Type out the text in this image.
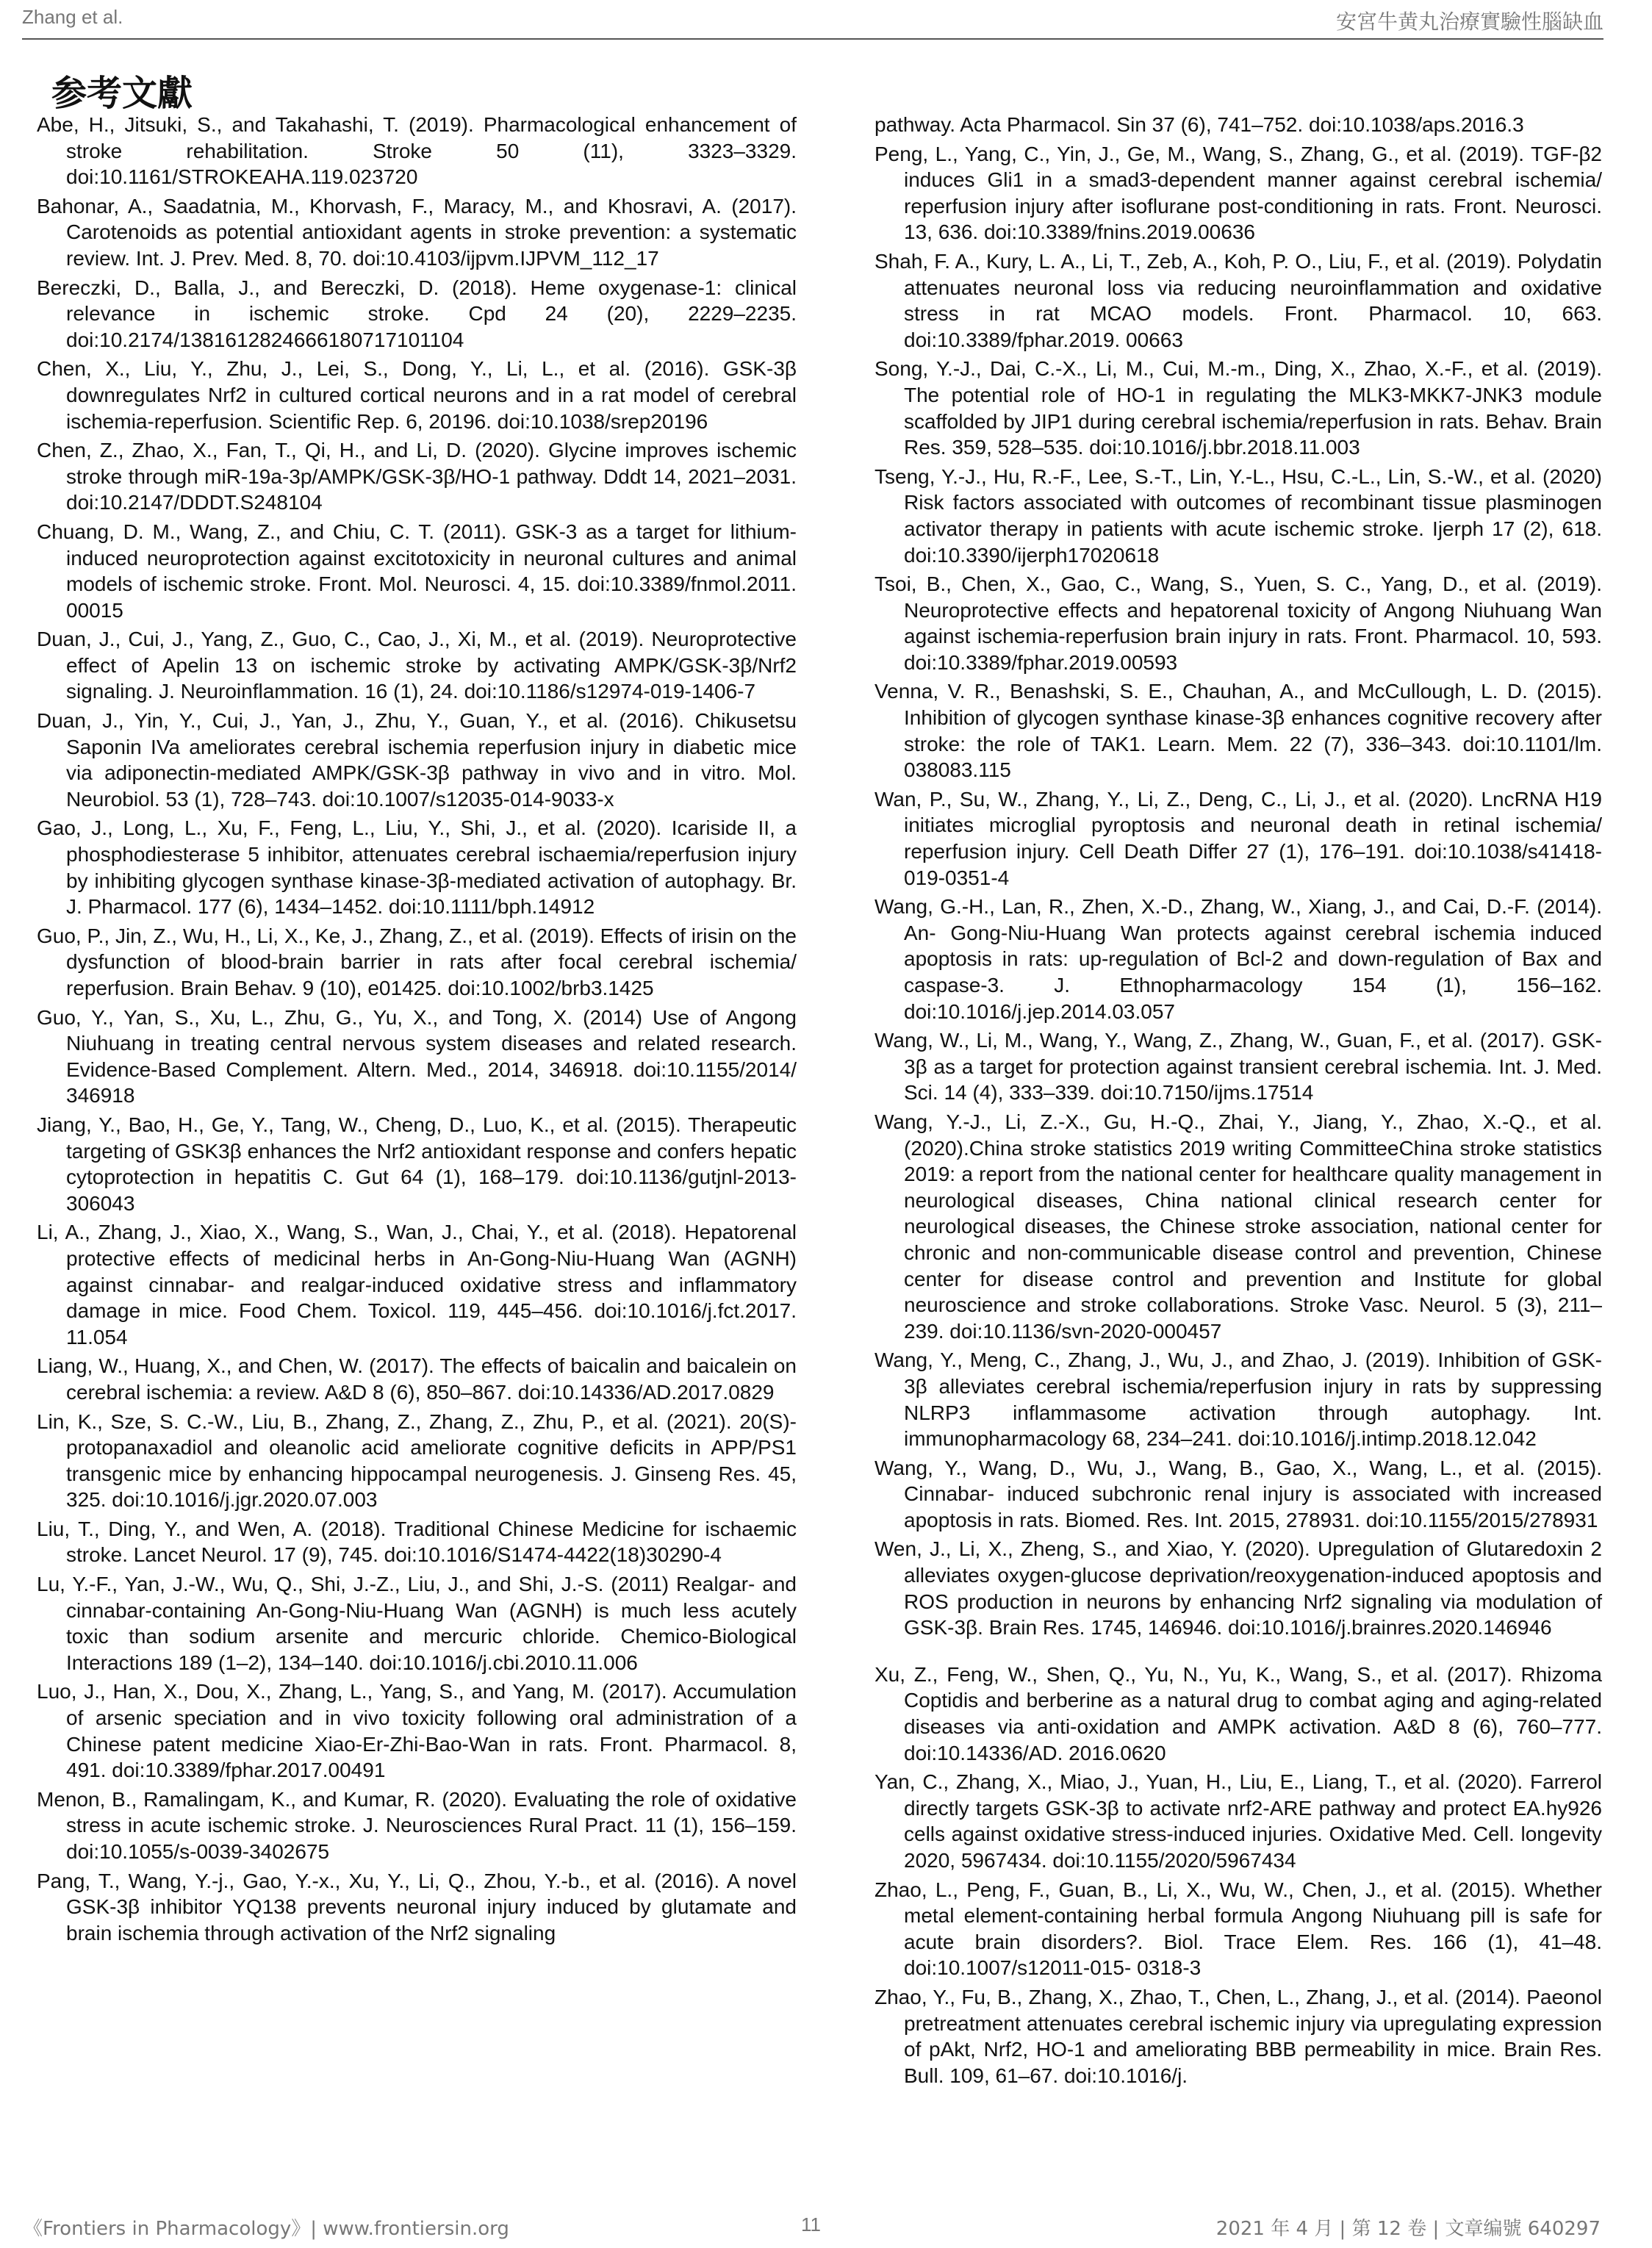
Zhang et al.	安宮牛黄丸治療實驗性腦缺血
参考文獻

Abe, H., Jitsuki, S., and Takahashi, T. (2019). Pharmacological enhancement of stroke rehabilitation. Stroke 50 (11), 3323–3329. doi:10.1161/STROKEAHA.119.023720

Bahonar, A., Saadatnia, M., Khorvash, F., Maracy, M., and Khosravi, A. (2017). Carotenoids as potential antioxidant agents in stroke prevention: a systematic review. Int. J. Prev. Med. 8, 70. doi:10.4103/ijpvm.IJPVM_112_17

Bereczki, D., Balla, J., and Bereczki, D. (2018). Heme oxygenase-1: clinical relevance in ischemic stroke. Cpd 24 (20), 2229–2235. doi:10.2174/1381612824666180717101104

Chen, X., Liu, Y., Zhu, J., Lei, S., Dong, Y., Li, L., et al. (2016). GSK-3β downregulates Nrf2 in cultured cortical neurons and in a rat model of cerebral ischemia-reperfusion. Scientific Rep. 6, 20196. doi:10.1038/srep20196

Chen, Z., Zhao, X., Fan, T., Qi, H., and Li, D. (2020). Glycine improves ischemic stroke through miR-19a-3p/AMPK/GSK-3β/HO-1 pathway. Dddt 14, 2021–2031. doi:10.2147/DDDT.S248104

Chuang, D. M., Wang, Z., and Chiu, C. T. (2011). GSK-3 as a target for lithium- induced neuroprotection against excitotoxicity in neuronal cultures and animal models of ischemic stroke. Front. Mol. Neurosci. 4, 15. doi:10.3389/fnmol.2011. 00015

Duan, J., Cui, J., Yang, Z., Guo, C., Cao, J., Xi, M., et al. (2019). Neuroprotective effect of Apelin 13 on ischemic stroke by activating AMPK/GSK-3β/Nrf2 signaling. J. Neuroinflammation. 16 (1), 24. doi:10.1186/s12974-019-1406-7

Duan, J., Yin, Y., Cui, J., Yan, J., Zhu, Y., Guan, Y., et al. (2016). Chikusetsu Saponin IVa ameliorates cerebral ischemia reperfusion injury in diabetic mice via adiponectin-mediated AMPK/GSK-3β pathway in vivo and in vitro. Mol. Neurobiol. 53 (1), 728–743. doi:10.1007/s12035-014-9033-x

Gao, J., Long, L., Xu, F., Feng, L., Liu, Y., Shi, J., et al. (2020). Icariside II, a phosphodiesterase 5 inhibitor, attenuates cerebral ischaemia/reperfusion injury by inhibiting glycogen synthase kinase-3β-mediated activation of autophagy. Br. J. Pharmacol. 177 (6), 1434–1452. doi:10.1111/bph.14912

Guo, P., Jin, Z., Wu, H., Li, X., Ke, J., Zhang, Z., et al. (2019). Effects of irisin on the dysfunction of blood-brain barrier in rats after focal cerebral ischemia/ reperfusion. Brain Behav. 9 (10), e01425. doi:10.1002/brb3.1425

Guo, Y., Yan, S., Xu, L., Zhu, G., Yu, X., and Tong, X. (2014) Use of Angong Niuhuang in treating central nervous system diseases and related research. Evidence-Based Complement. Altern. Med., 2014, 346918. doi:10.1155/2014/ 346918

Jiang, Y., Bao, H., Ge, Y., Tang, W., Cheng, D., Luo, K., et al. (2015). Therapeutic targeting of GSK3β enhances the Nrf2 antioxidant response and confers hepatic cytoprotection in hepatitis C. Gut 64 (1), 168–179. doi:10.1136/gutjnl-2013-306043

Li, A., Zhang, J., Xiao, X., Wang, S., Wan, J., Chai, Y., et al. (2018). Hepatorenal protective effects of medicinal herbs in An-Gong-Niu-Huang Wan (AGNH) against cinnabar- and realgar-induced oxidative stress and inflammatory damage in mice. Food Chem. Toxicol. 119, 445–456. doi:10.1016/j.fct.2017. 11.054

Liang, W., Huang, X., and Chen, W. (2017). The effects of baicalin and baicalein on cerebral ischemia: a review. A&D 8 (6), 850–867. doi:10.14336/AD.2017.0829

Lin, K., Sze, S. C.-W., Liu, B., Zhang, Z., Zhang, Z., Zhu, P., et al. (2021). 20(S)- protopanaxadiol and oleanolic acid ameliorate cognitive deficits in APP/PS1 transgenic mice by enhancing hippocampal neurogenesis. J. Ginseng Res. 45, 325. doi:10.1016/j.jgr.2020.07.003

Liu, T., Ding, Y., and Wen, A. (2018). Traditional Chinese Medicine for ischaemic stroke. Lancet Neurol. 17 (9), 745. doi:10.1016/S1474-4422(18)30290-4

Lu, Y.-F., Yan, J.-W., Wu, Q., Shi, J.-Z., Liu, J., and Shi, J.-S. (2011) Realgar- and cinnabar-containing An-Gong-Niu-Huang Wan (AGNH) is much less acutely toxic than sodium arsenite and mercuric chloride. Chemico-Biological Interactions 189 (1–2), 134–140. doi:10.1016/j.cbi.2010.11.006

Luo, J., Han, X., Dou, X., Zhang, L., Yang, S., and Yang, M. (2017). Accumulation of arsenic speciation and in vivo toxicity following oral administration of a Chinese patent medicine Xiao-Er-Zhi-Bao-Wan in rats. Front. Pharmacol. 8, 491. doi:10.3389/fphar.2017.00491

Menon, B., Ramalingam, K., and Kumar, R. (2020). Evaluating the role of oxidative stress in acute ischemic stroke. J. Neurosciences Rural Pract. 11 (1), 156–159. doi:10.1055/s-0039-3402675

Pang, T., Wang, Y.-j., Gao, Y.-x., Xu, Y., Li, Q., Zhou, Y.-b., et al. (2016). A novel GSK-3β inhibitor YQ138 prevents neuronal injury induced by glutamate and brain ischemia through activation of the Nrf2 signaling

pathway. Acta Pharmacol. Sin 37 (6), 741–752. doi:10.1038/aps.2016.3

Peng, L., Yang, C., Yin, J., Ge, M., Wang, S., Zhang, G., et al. (2019). TGF-β2 induces Gli1 in a smad3-dependent manner against cerebral ischemia/ reperfusion injury after isoflurane post-conditioning in rats. Front. Neurosci. 13, 636. doi:10.3389/fnins.2019.00636

Shah, F. A., Kury, L. A., Li, T., Zeb, A., Koh, P. O., Liu, F., et al. (2019). Polydatin attenuates neuronal loss via reducing neuroinflammation and oxidative stress in rat MCAO models. Front. Pharmacol. 10, 663. doi:10.3389/fphar.2019. 00663

Song, Y.-J., Dai, C.-X., Li, M., Cui, M.-m., Ding, X., Zhao, X.-F., et al. (2019). The potential role of HO-1 in regulating the MLK3-MKK7-JNK3 module scaffolded by JIP1 during cerebral ischemia/reperfusion in rats. Behav. Brain Res. 359, 528–535. doi:10.1016/j.bbr.2018.11.003

Tseng, Y.-J., Hu, R.-F., Lee, S.-T., Lin, Y.-L., Hsu, C.-L., Lin, S.-W., et al. (2020) Risk factors associated with outcomes of recombinant tissue plasminogen activator therapy in patients with acute ischemic stroke. Ijerph 17 (2), 618. doi:10.3390/ijerph17020618

Tsoi, B., Chen, X., Gao, C., Wang, S., Yuen, S. C., Yang, D., et al. (2019). Neuroprotective effects and hepatorenal toxicity of Angong Niuhuang Wan against ischemia-reperfusion brain injury in rats. Front. Pharmacol. 10, 593. doi:10.3389/fphar.2019.00593

Venna, V. R., Benashski, S. E., Chauhan, A., and McCullough, L. D. (2015). Inhibition of glycogen synthase kinase-3β enhances cognitive recovery after stroke: the role of TAK1. Learn. Mem. 22 (7), 336–343. doi:10.1101/lm. 038083.115

Wan, P., Su, W., Zhang, Y., Li, Z., Deng, C., Li, J., et al. (2020). LncRNA H19 initiates microglial pyroptosis and neuronal death in retinal ischemia/ reperfusion injury. Cell Death Differ 27 (1), 176–191. doi:10.1038/s41418-019-0351-4

Wang, G.-H., Lan, R., Zhen, X.-D., Zhang, W., Xiang, J., and Cai, D.-F. (2014). An- Gong-Niu-Huang Wan protects against cerebral ischemia induced apoptosis in rats: up-regulation of Bcl-2 and down-regulation of Bax and caspase-3. J. Ethnopharmacology 154 (1), 156–162. doi:10.1016/j.jep.2014.03.057

Wang, W., Li, M., Wang, Y., Wang, Z., Zhang, W., Guan, F., et al. (2017). GSK-3β as a target for protection against transient cerebral ischemia. Int. J. Med. Sci. 14 (4), 333–339. doi:10.7150/ijms.17514

Wang, Y.-J., Li, Z.-X., Gu, H.-Q., Zhai, Y., Jiang, Y., Zhao, X.-Q., et al. (2020).China stroke statistics 2019 writing CommitteeChina stroke statistics 2019: a report from the national center for healthcare quality management in neurological diseases, China national clinical research center for neurological diseases, the Chinese stroke association, national center for chronic and non-communicable disease control and prevention, Chinese center for disease control and prevention and Institute for global neuroscience and stroke collaborations. Stroke Vasc. Neurol. 5 (3), 211–239. doi:10.1136/svn-2020-000457

Wang, Y., Meng, C., Zhang, J., Wu, J., and Zhao, J. (2019). Inhibition of GSK-3β alleviates cerebral ischemia/reperfusion injury in rats by suppressing NLRP3 inflammasome activation through autophagy. Int. immunopharmacology 68, 234–241. doi:10.1016/j.intimp.2018.12.042

Wang, Y., Wang, D., Wu, J., Wang, B., Gao, X., Wang, L., et al. (2015). Cinnabar- induced subchronic renal injury is associated with increased apoptosis in rats. Biomed. Res. Int. 2015, 278931. doi:10.1155/2015/278931

Wen, J., Li, X., Zheng, S., and Xiao, Y. (2020). Upregulation of Glutaredoxin 2 alleviates oxygen-glucose deprivation/reoxygenation-induced apoptosis and ROS production in neurons by enhancing Nrf2 signaling via modulation of GSK-3β. Brain Res. 1745, 146946. doi:10.1016/j.brainres.2020.146946

Xu, Z., Feng, W., Shen, Q., Yu, N., Yu, K., Wang, S., et al. (2017). Rhizoma Coptidis and berberine as a natural drug to combat aging and aging-related diseases via anti-oxidation and AMPK activation. A&D 8 (6), 760–777. doi:10.14336/AD. 2016.0620

Yan, C., Zhang, X., Miao, J., Yuan, H., Liu, E., Liang, T., et al. (2020). Farrerol directly targets GSK-3β to activate nrf2-ARE pathway and protect EA.hy926 cells against oxidative stress-induced injuries. Oxidative Med. Cell. longevity 2020, 5967434. doi:10.1155/2020/5967434

Zhao, L., Peng, F., Guan, B., Li, X., Wu, W., Chen, J., et al. (2015). Whether metal element-containing herbal formula Angong Niuhuang pill is safe for acute brain disorders?. Biol. Trace Elem. Res. 166 (1), 41–48. doi:10.1007/s12011-015- 0318-3

Zhao, Y., Fu, B., Zhang, X., Zhao, T., Chen, L., Zhang, J., et al. (2014). Paeonol pretreatment attenuates cerebral ischemic injury via upregulating expression of pAkt, Nrf2, HO-1 and ameliorating BBB permeability in mice. Brain Res. Bull. 109, 61–67. doi:10.1016/j.

《Frontiers in Pharmacology》| www.frontiersin.org	11	2021 年 4 月 | 第 12 卷 | 文章编號 640297
